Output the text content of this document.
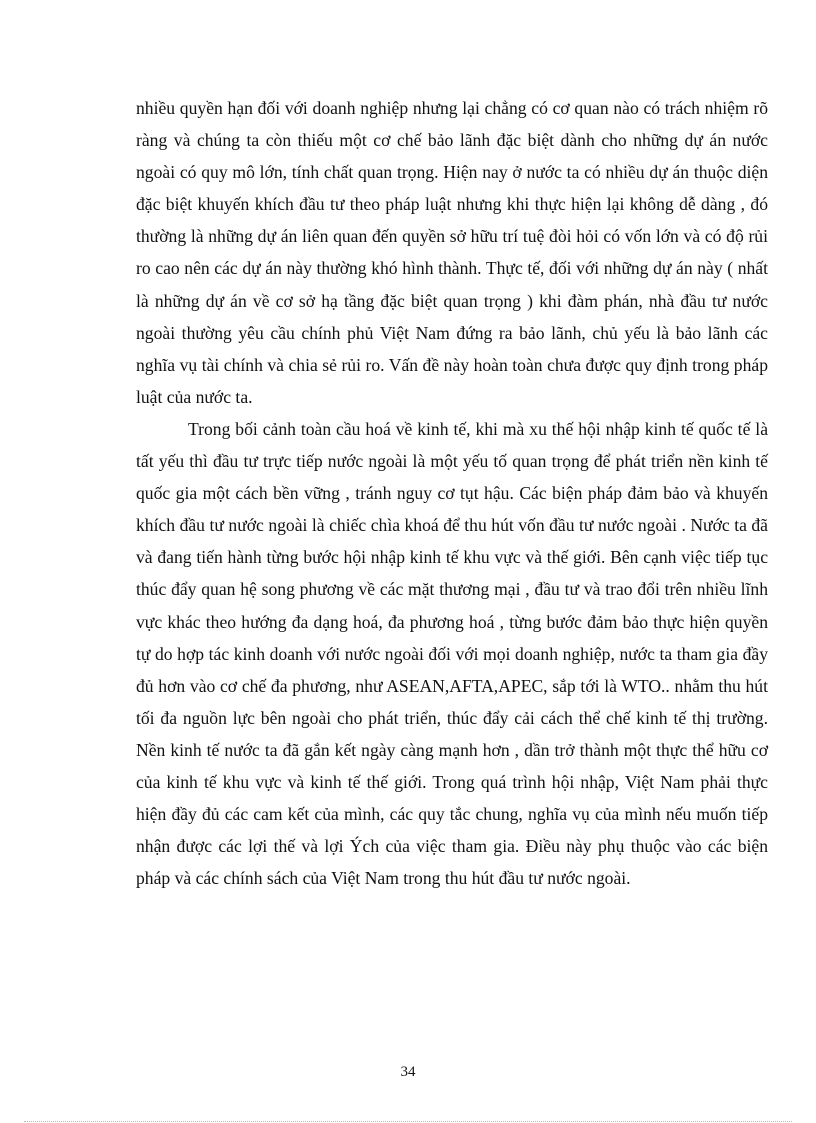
nhiều quyền hạn đối với doanh nghiệp nhưng lại chẳng có cơ quan nào có trách nhiệm rõ ràng và chúng ta còn thiếu một cơ chế bảo lãnh đặc biệt dành cho những dự án nước ngoài có quy mô lớn, tính chất quan trọng. Hiện nay ở nước ta có nhiều dự án thuộc diện đặc biệt khuyến khích đầu tư theo pháp luật nhưng khi thực hiện lại không dễ dàng , đó thường là những dự án liên quan đến quyền sở hữu trí tuệ đòi hỏi có vốn lớn và có độ rủi ro cao nên các dự án này thường khó hình thành. Thực tế, đối với những dự án này ( nhất là những dự án về cơ sở hạ tầng đặc biệt quan trọng ) khi đàm phán, nhà đầu tư nước ngoài thường yêu cầu chính phủ Việt Nam đứng ra bảo lãnh, chủ yếu là bảo lãnh các nghĩa vụ tài chính và chia sẻ rủi ro. Vấn đề này hoàn toàn chưa được quy định trong pháp luật của nước ta.

Trong bối cảnh toàn cầu hoá về kinh tế, khi mà xu thế hội nhập kinh tế quốc tế là tất yếu thì đầu tư trực tiếp nước ngoài là một yếu tố quan trọng để phát triển nền kinh tế quốc gia một cách bền vững , tránh nguy cơ tụt hậu. Các biện pháp đảm bảo và khuyến khích đầu tư nước ngoài là chiếc chìa khoá để thu hút vốn đầu tư nước ngoài . Nước ta đã và đang tiến hành từng bước hội nhập kinh tế khu vực và thế giới. Bên cạnh việc tiếp tục thúc đẩy quan hệ song phương về các mặt thương mại , đầu tư và trao đổi trên nhiều lĩnh vực khác theo hướng đa dạng hoá, đa phương hoá , từng bước đảm bảo thực hiện quyền tự do hợp tác kinh doanh với nước ngoài đối với mọi doanh nghiệp, nước ta tham gia đầy đủ hơn vào cơ chế đa phương, như ASEAN,AFTA,APEC, sắp tới là WTO.. nhằm thu hút tối đa nguồn lực bên ngoài cho phát triển, thúc đẩy cải cách thể chế kinh tế thị trường. Nền kinh tế nước ta đã gắn kết ngày càng mạnh hơn , dần trở thành một thực thể hữu cơ của kinh tế khu vực và kinh tế thế giới. Trong quá trình hội nhập, Việt Nam phải thực hiện đầy đủ các cam kết của mình, các quy tắc chung, nghĩa vụ của mình nếu muốn tiếp nhận được các lợi thế và lợi Ých của việc tham gia. Điều này phụ thuộc vào các biện pháp và các chính sách của Việt Nam trong thu hút đầu tư nước ngoài.

34
